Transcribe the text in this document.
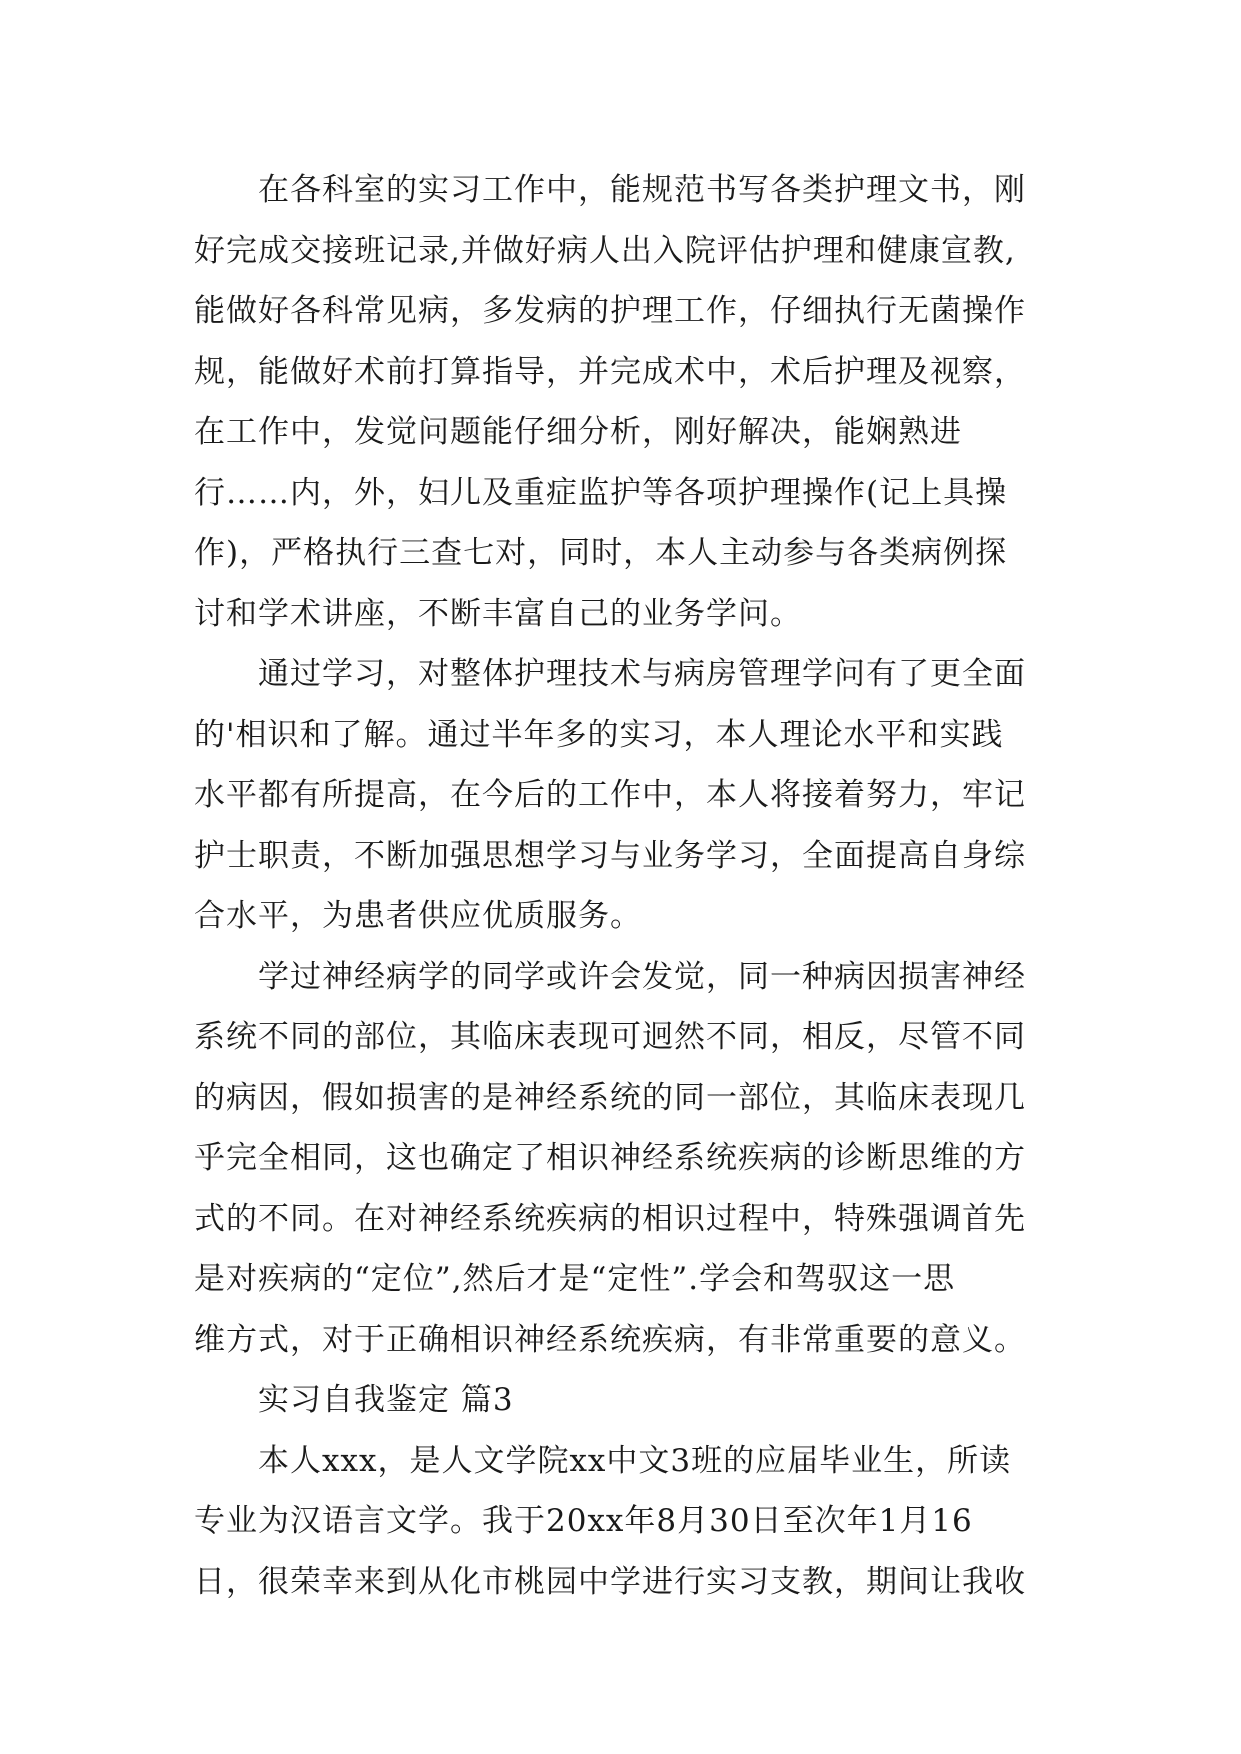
在各科室的实习工作中，能规范书写各类护理文书，刚
好完成交接班记录,并做好病人出入院评估护理和健康宣教,
能做好各科常见病，多发病的护理工作，仔细执行无菌操作
规，能做好术前打算指导，并完成术中，术后护理及视察，
在工作中，发觉问题能仔细分析，刚好解决，能娴熟进
行……内，外，妇儿及重症监护等各项护理操作(记上具操
作)，严格执行三查七对，同时，本人主动参与各类病例探
讨和学术讲座，不断丰富自己的业务学问。
通过学习，对整体护理技术与病房管理学问有了更全面
的'相识和了解。通过半年多的实习，本人理论水平和实践
水平都有所提高，在今后的工作中，本人将接着努力，牢记
护士职责，不断加强思想学习与业务学习，全面提高自身综
合水平，为患者供应优质服务。
学过神经病学的同学或许会发觉，同一种病因损害神经
系统不同的部位，其临床表现可迥然不同，相反，尽管不同
的病因，假如损害的是神经系统的同一部位，其临床表现几
乎完全相同，这也确定了相识神经系统疾病的诊断思维的方
式的不同。在对神经系统疾病的相识过程中，特殊强调首先
是对疾病的“定位”,然后才是“定性”.学会和驾驭这一思
维方式，对于正确相识神经系统疾病，有非常重要的意义。
实习自我鉴定 篇3
本人xxx，是人文学院xx中文3班的应届毕业生，所读
专业为汉语言文学。我于20xx年8月30日至次年1月16
日，很荣幸来到从化市桃园中学进行实习支教，期间让我收
